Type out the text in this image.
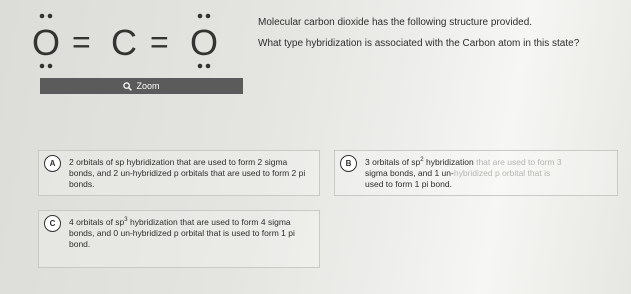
O = C = O
Zoom

Molecular carbon dioxide has the following structure provided.

What type hybridization is associated with the Carbon atom in this state?

A	2 orbitals of sp hybridization that are used to form 2 sigma bonds, and 2 un-hybridized p orbitals that are used to form 2 pi bonds.
B	3 orbitals of $sp^2$ hybridization that are used to form 3
sigma bonds, and 1 un-hybridized p orbital that is
used to form 1 pi bond.
C	4 orbitals of $sp^3$ hybridization that are used to form 4 sigma bonds, and 0 un-hybridized p orbital that is used to form 1 pi bond.
